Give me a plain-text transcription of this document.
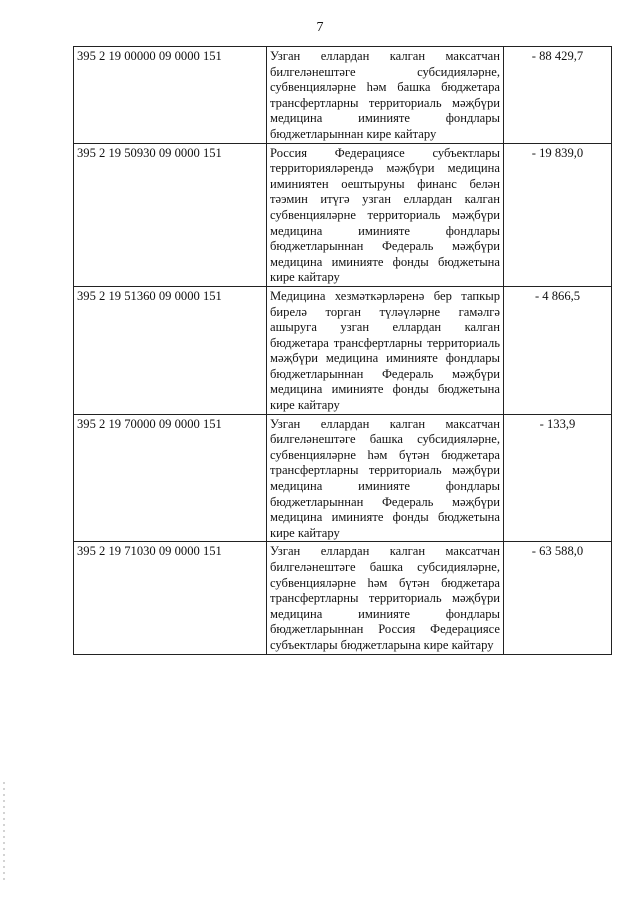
7
395 2 19 00000 09 0000 151	Узган еллардан калган максатчан билгеләнештәге субсидияләрне, субвенцияләрне һәм башка бюджетара трансфертларны территориаль мәҗбүри медицина иминияте фондлары бюджетларыннан кире кайтару	- 88 429,7
395 2 19 50930 09 0000 151	Россия Федерациясе субъектлары территорияләрендә мәҗбүри медицина иминиятен оештыруны финанс белән тәэмин итүгә узган еллардан калган субвенцияләрне территориаль мәҗбүри медицина иминияте фондлары бюджетларыннан Федераль мәҗбүри медицина иминияте фонды бюджетына кире кайтару	- 19 839,0
395 2 19 51360 09 0000 151	Медицина хезмәткәрләренә бер тапкыр бирелә торган түләүләрне гамәлгә ашыруга узган еллардан калган бюджетара трансфертларны территориаль мәҗбүри медицина иминияте фондлары бюджетларыннан Федераль мәҗбүри медицина иминияте фонды бюджетына кире кайтару	- 4 866,5
395 2 19 70000 09 0000 151	Узган еллардан калган максатчан билгеләнештәге башка субсидияләрне, субвенцияләрне һәм бүтән бюджетара трансфертларны территориаль мәҗбүри медицина иминияте фондлары бюджетларыннан Федераль мәҗбүри медицина иминияте фонды бюджетына кире кайтару	- 133,9
395 2 19 71030 09 0000 151	Узган еллардан калган максатчан билгеләнештәге башка субсидияләрне, субвенцияләрне һәм бүтән бюджетара трансфертларны территориаль мәҗбүри медицина иминияте фондлары бюджетларыннан Россия Федерациясе субъектлары бюджетларына кире кайтару	- 63 588,0
